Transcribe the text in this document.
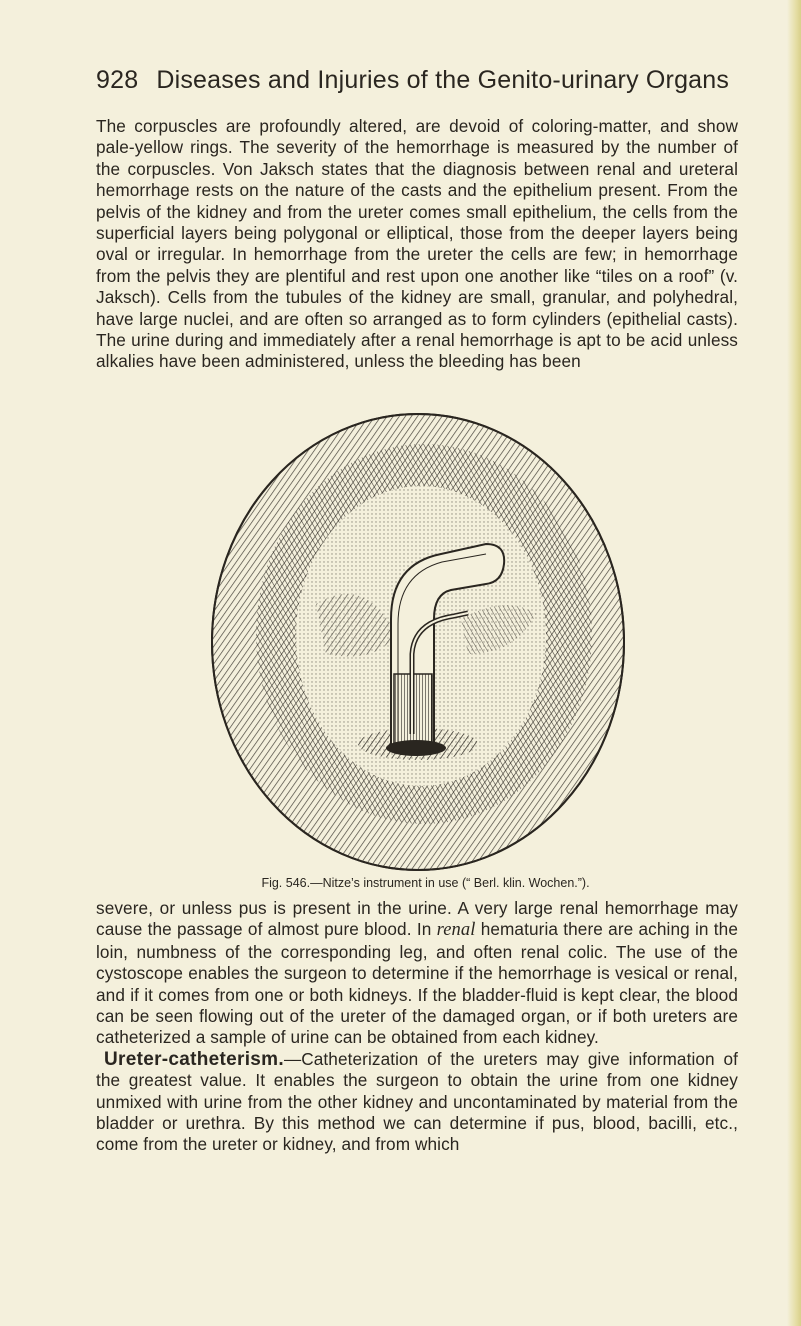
928 Diseases and Injuries of the Genito-urinary Organs

The corpuscles are profoundly altered, are devoid of coloring-matter, and show pale-yellow rings. The severity of the hemorrhage is measured by the number of the corpuscles. Von Jaksch states that the diagnosis between renal and ureteral hemorrhage rests on the nature of the casts and the epithelium present. From the pelvis of the kidney and from the ureter comes small epithelium, the cells from the superficial layers being polygonal or elliptical, those from the deeper layers being oval or irregular. In hemorrhage from the ureter the cells are few; in hemorrhage from the pelvis they are plentiful and rest upon one another like “tiles on a roof” (v. Jaksch). Cells from the tubules of the kidney are small, granular, and polyhedral, have large nuclei, and are often so arranged as to form cylinders (epithelial casts). The urine during and immediately after a renal hemorrhage is apt to be acid unless alkalies have been administered, unless the bleeding has been

Fig. 546.—Nitze’s instrument in use (“ Berl. klin. Wochen.”).

severe, or unless pus is present in the urine. A very large renal hemorrhage may cause the passage of almost pure blood. In renal hematuria there are aching in the loin, numbness of the corresponding leg, and often renal colic. The use of the cystoscope enables the surgeon to determine if the hemorrhage is vesical or renal, and if it comes from one or both kidneys. If the bladder-fluid is kept clear, the blood can be seen flowing out of the ureter of the damaged organ, or if both ureters are catheterized a sample of urine can be obtained from each kidney.

Ureter-catheterism.—Catheterization of the ureters may give information of the greatest value. It enables the surgeon to obtain the urine from one kidney unmixed with urine from the other kidney and uncontaminated by material from the bladder or urethra. By this method we can determine if pus, blood, bacilli, etc., come from the ureter or kidney, and from which
